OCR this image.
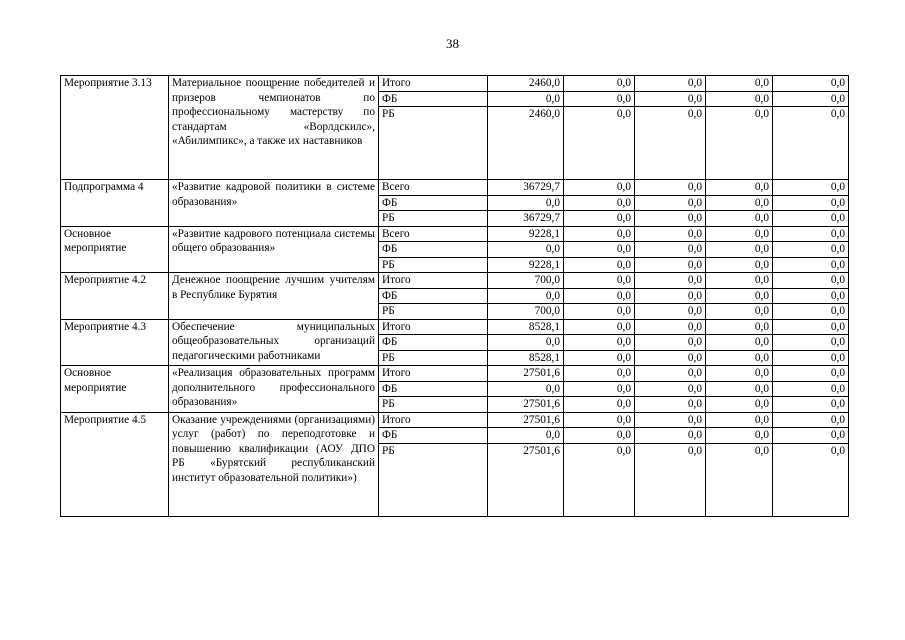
38
Мероприятие 3.13	Материальное поощрение победителей и призеров чемпионатов по профессиональному мастерству по стандартам «Ворлдскилс», «Абилимпикс», а также их наставников	Итого	2460,0	0,0	0,0	0,0	0,0
		ФБ	0,0	0,0	0,0	0,0	0,0
		РБ	2460,0	0,0	0,0	0,0	0,0
Подпрограмма 4	«Развитие кадровой политики в системе образования»	Всего	36729,7	0,0	0,0	0,0	0,0
		ФБ	0,0	0,0	0,0	0,0	0,0
		РБ	36729,7	0,0	0,0	0,0	0,0
Основное мероприятие	«Развитие кадрового потенциала системы общего образования»	Всего	9228,1	0,0	0,0	0,0	0,0
		ФБ	0,0	0,0	0,0	0,0	0,0
		РБ	9228,1	0,0	0,0	0,0	0,0
Мероприятие 4.2	Денежное поощрение лучшим учителям в Республике Бурятия	Итого	700,0	0,0	0,0	0,0	0,0
		ФБ	0,0	0,0	0,0	0,0	0,0
		РБ	700,0	0,0	0,0	0,0	0,0
Мероприятие 4.3	Обеспечение муниципальных общеобразовательных организаций педагогическими работниками	Итого	8528,1	0,0	0,0	0,0	0,0
		ФБ	0,0	0,0	0,0	0,0	0,0
		РБ	8528,1	0,0	0,0	0,0	0,0
Основное мероприятие	«Реализация образовательных программ дополнительного профессионального образования»	Итого	27501,6	0,0	0,0	0,0	0,0
		ФБ	0,0	0,0	0,0	0,0	0,0
		РБ	27501,6	0,0	0,0	0,0	0,0
Мероприятие 4.5	Оказание учреждениями (организациями) услуг (работ) по переподготовке и повышению квалификации (АОУ ДПО РБ «Бурятский республиканский институт образовательной политики»)	Итого	27501,6	0,0	0,0	0,0	0,0
		ФБ	0,0	0,0	0,0	0,0	0,0
		РБ	27501,6	0,0	0,0	0,0	0,0
